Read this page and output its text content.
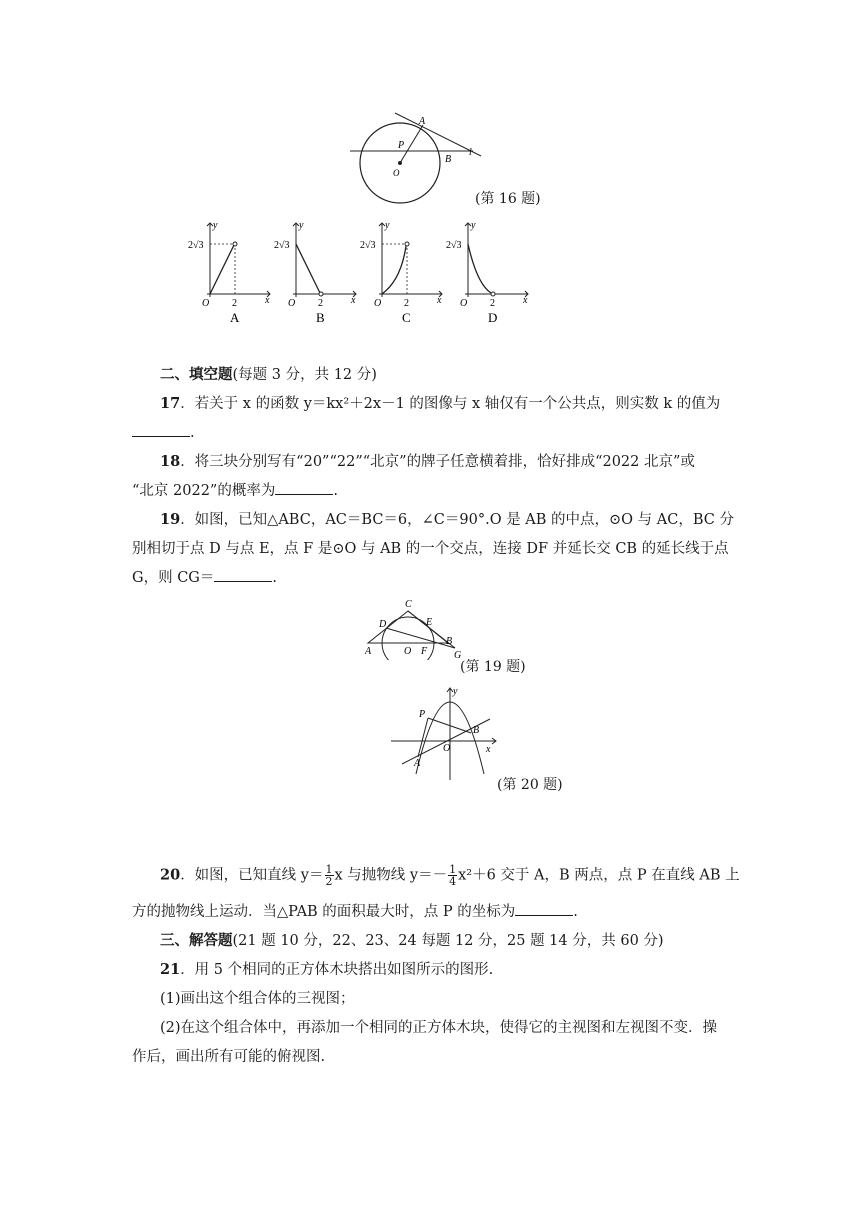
A
P
B
l
O
(第 16 题)
2√3
y
x
O 2
A
2√3
y
x
O 2
B
2√3
y
x
O 2
C
2√3
y
x
O 2
D
二、填空题(每题 3 分，共 12 分)
17．若关于 x 的函数 y＝kx²＋2x－1 的图像与 x 轴仅有一个公共点，则实数 k 的值为
.
18．将三块分别写有“20”“22”“北京”的牌子任意横着排，恰好排成“2022 北京”或
“北京 2022”的概率为	.
19．如图，已知△ABC，AC＝BC＝6，∠C＝90°.O 是 AB 的中点，⊙O 与 AC，BC 分
别相切于点 D 与点 E，点 F 是⊙O 与 AB 的一个交点，连接 DF 并延长交 CB 的延长线于点
G，则 CG＝	.
C
D	E
A	O F
B
G
(第 19 题)
y
x
P
B
O
A
(第 20 题)
20．如图，已知直线 $y= \frac{1}{2}$ x 与抛物线 $y=- \frac{1}{4} x^2+6$ 交于 A，B 两点，点 P 在直线 AB 上
方的抛物线上运动．当△PAB 的面积最大时，点 P 的坐标为	.
三、解答题(21 题 10 分，22、23、24 每题 12 分，25 题 14 分，共 60 分)
21．用 5 个相同的正方体木块搭出如图所示的图形.
(1)画出这个组合体的三视图；
(2)在这个组合体中，再添加一个相同的正方体木块，使得它的主视图和左视图不变．操
作后，画出所有可能的俯视图.
